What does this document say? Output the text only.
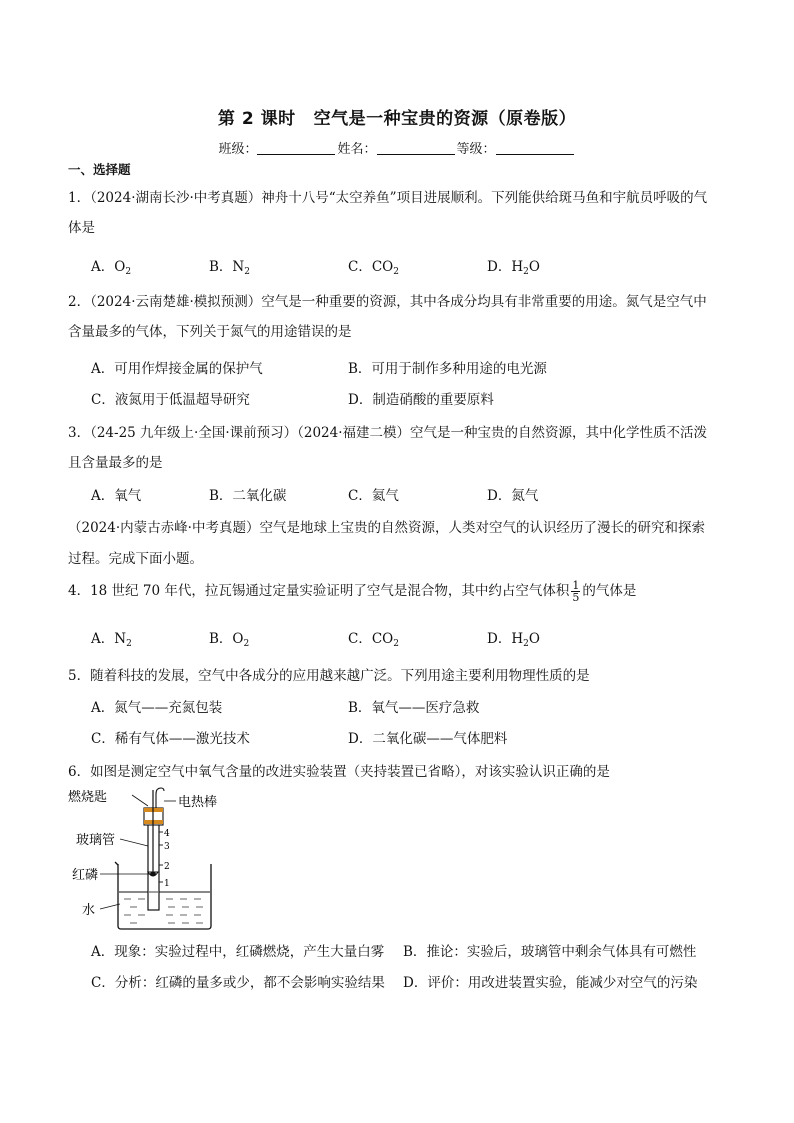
第 2 课时 空气是一种宝贵的资源（原卷版）
班级：	姓名：	等级：
一、选择题
1．（2024·湖南长沙·中考真题）神舟十八号“太空养鱼”项目进展顺利。下列能供给斑马鱼和宇航员呼吸的气
体是
A．$O_2$	B．$N_2$	C．$CO_2$	D．$H_2O$
2．（2024·云南楚雄·模拟预测）空气是一种重要的资源，其中各成分均具有非常重要的用途。氮气是空气中
含量最多的气体，下列关于氮气的用途错误的是
A．可用作焊接金属的保护气	B．可用于制作多种用途的电光源
C．液氮用于低温超导研究	D．制造硝酸的重要原料
3．（24-25 九年级上·全国·课前预习）（2024·福建二模）空气是一种宝贵的自然资源，其中化学性质不活泼
且含量最多的是
A．氧气	B．二氧化碳	C．氦气	D．氮气
（2024·内蒙古赤峰·中考真题）空气是地球上宝贵的自然资源，人类对空气的认识经历了漫长的研究和探索
过程。完成下面小题。
4．18 世纪 70 年代，拉瓦锡通过定量实验证明了空气是混合物，其中约占空气体积 $\frac{1}{5}$ 的气体是
A．$N_2$	B．$O_2$	C．$CO_2$	D．$H_2O$
5．随着科技的发展，空气中各成分的应用越来越广泛。下列用途主要利用物理性质的是
A．氮气——充氮包装	B．氧气——医疗急救
C．稀有气体——激光技术	D．二氧化碳——气体肥料
6．如图是测定空气中氧气含量的改进实验装置（夹持装置已省略），对该实验认识正确的是
4
3
2
1
燃烧匙	电热棒
玻璃管
红磷
水
A．现象：实验过程中，红磷燃烧，产生大量白雾 B．推论：实验后，玻璃管中剩余气体具有可燃性
C．分析：红磷的量多或少，都不会影响实验结果 D．评价：用改进装置实验，能减少对空气的污染
